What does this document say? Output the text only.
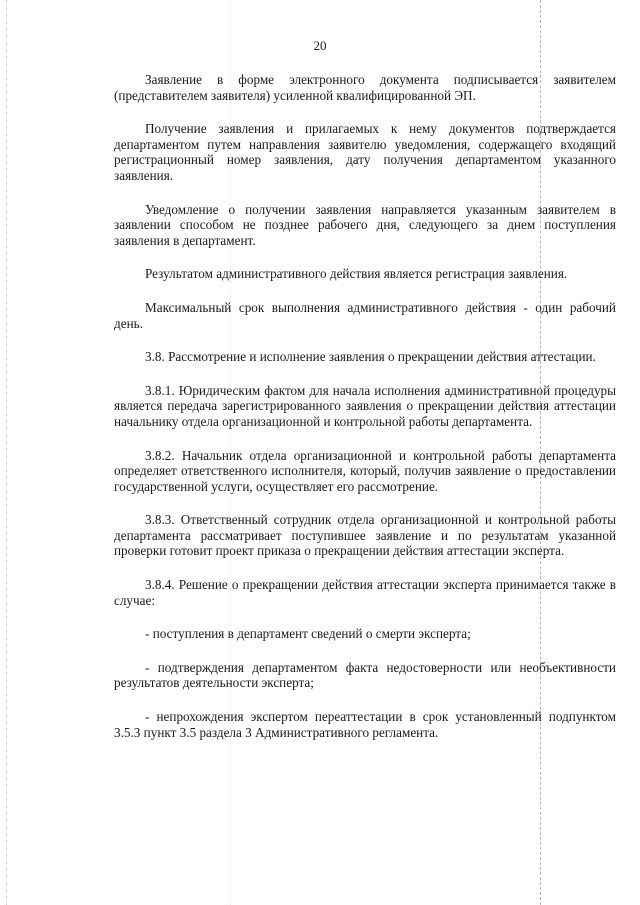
20

Заявление в форме электронного документа подписывается заявителем (представителем заявителя) усиленной квалифицированной ЭП.

Получение заявления и прилагаемых к нему документов подтверждается департаментом путем направления заявителю уведомления, содержащего входящий регистрационный номер заявления, дату получения департаментом указанного заявления.

Уведомление о получении заявления направляется указанным заявителем в заявлении способом не позднее рабочего дня, следующего за днем поступления заявления в департамент.

Результатом административного действия является регистрация заявления.

Максимальный срок выполнения административного действия - один рабочий день.

3.8. Рассмотрение и исполнение заявления о прекращении действия аттестации.

3.8.1. Юридическим фактом для начала исполнения административной процедуры является передача зарегистрированного заявления о прекращении действия аттестации начальнику отдела организационной и контрольной работы департамента.

3.8.2. Начальник отдела организационной и контрольной работы департамента определяет ответственного исполнителя, который, получив заявление о предоставлении государственной услуги, осуществляет его рассмотрение.

3.8.3. Ответственный сотрудник отдела организационной и контрольной работы департамента рассматривает поступившее заявление и по результатам указанной проверки готовит проект приказа о прекращении действия аттестации эксперта.

3.8.4. Решение о прекращении действия аттестации эксперта принимается также в случае:

- поступления в департамент сведений о смерти эксперта;

- подтверждения департаментом факта недостоверности или необъективности результатов деятельности эксперта;

- непрохождения экспертом переаттестации в срок установленный подпунктом 3.5.3 пункт 3.5 раздела 3 Административного регламента.
